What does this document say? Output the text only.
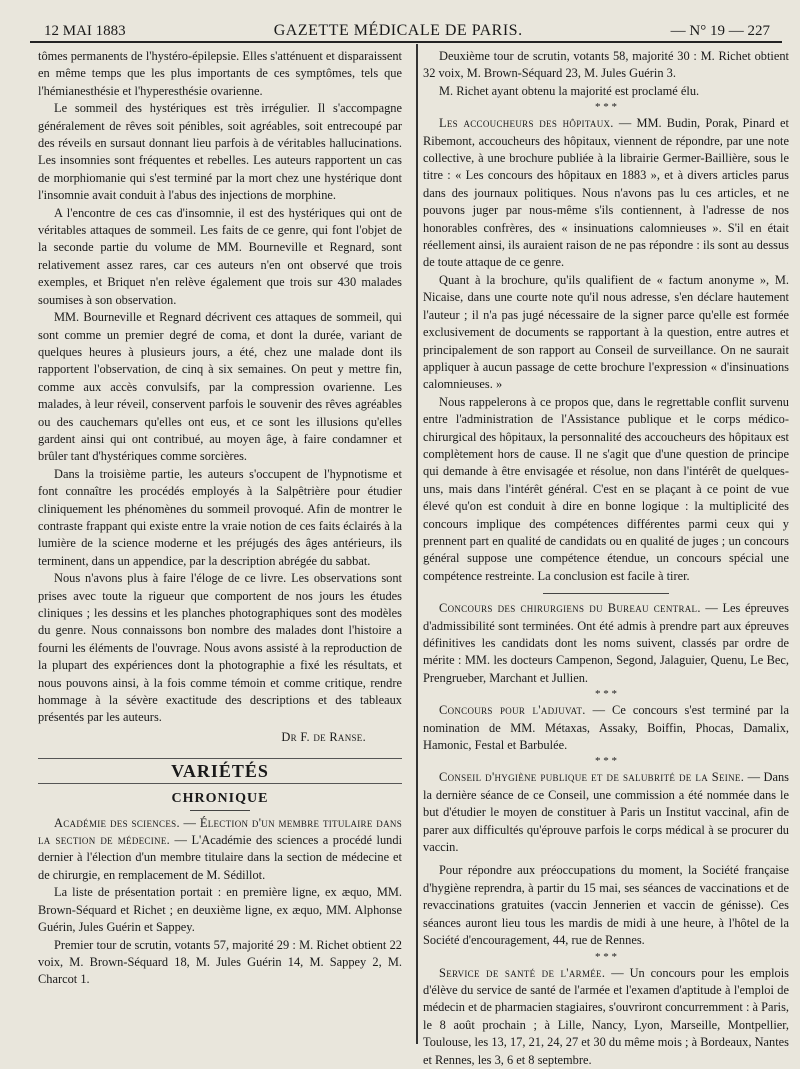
12 MAI 1883	GAZETTE MÉDICALE DE PARIS.	— N° 19 — 227

tômes permanents de l'hystéro-épilepsie. Elles s'atténuent et disparaissent en même temps que les plus importants de ces symptômes, tels que l'hémianesthésie et l'hyperesthésie ovarienne.

Le sommeil des hystériques est très irrégulier. Il s'accompagne généralement de rêves soit pénibles, soit agréables, soit entrecoupé par des réveils en sursaut donnant lieu parfois à de véritables hallucinations. Les insomnies sont fréquentes et rebelles. Les auteurs rapportent un cas de morphiomanie qui s'est terminé par la mort chez une hystérique dont l'insomnie avait conduit à l'abus des injections de morphine.

A l'encontre de ces cas d'insomnie, il est des hystériques qui ont de véritables attaques de sommeil. Les faits de ce genre, qui font l'objet de la seconde partie du volume de MM. Bourneville et Regnard, sont relativement assez rares, car ces auteurs n'en ont observé que trois exemples, et Briquet n'en relève également que trois sur 430 malades soumises à son observation.

MM. Bourneville et Regnard décrivent ces attaques de sommeil, qui sont comme un premier degré de coma, et dont la durée, variant de quelques heures à plusieurs jours, a été, chez une malade dont ils rapportent l'observation, de cinq à six semaines. On peut y mettre fin, comme aux accès convulsifs, par la compression ovarienne. Les malades, à leur réveil, conservent parfois le souvenir des rêves agréables ou des cauchemars qu'elles ont eus, et ce sont les illusions qu'elles gardent ainsi qui ont contribué, au moyen âge, à faire condamner et brûler tant d'hystériques comme sorcières.

Dans la troisième partie, les auteurs s'occupent de l'hypnotisme et font connaître les procédés employés à la Salpêtrière pour étudier cliniquement les phénomènes du sommeil provoqué. Afin de montrer le contraste frappant qui existe entre la vraie notion de ces faits éclairés à la lumière de la science moderne et les préjugés des âges antérieurs, ils terminent, dans un appendice, par la description abrégée du sabbat.

Nous n'avons plus à faire l'éloge de ce livre. Les observations sont prises avec toute la rigueur que comportent de nos jours les études cliniques ; les dessins et les planches photographiques sont des modèles du genre. Nous connaissons bon nombre des malades dont l'histoire a fourni les éléments de l'ouvrage. Nous avons assisté à la reproduction de la plupart des expériences dont la photographie a fixé les résultats, et nous pouvons ainsi, à la fois comme témoin et comme critique, rendre hommage à la sévère exactitude des descriptions et des tableaux présentés par les auteurs.

Dr F. de Ranse.
VARIÉTÉS
CHRONIQUE

Académie des sciences. — Élection d'un membre titulaire dans la section de médecine. — L'Académie des sciences a procédé lundi dernier à l'élection d'un membre titulaire dans la section de médecine et de chirurgie, en remplacement de M. Sédillot.

La liste de présentation portait : en première ligne, ex æquo, MM. Brown-Séquard et Richet ; en deuxième ligne, ex æquo, MM. Alphonse Guérin, Jules Guérin et Sappey.

Premier tour de scrutin, votants 57, majorité 29 : M. Richet obtient 22 voix, M. Brown-Séquard 18, M. Jules Guérin 14, M. Sappey 2, M. Charcot 1.

Deuxième tour de scrutin, votants 58, majorité 30 : M. Richet obtient 32 voix, M. Brown-Séquard 23, M. Jules Guérin 3.

M. Richet ayant obtenu la majorité est proclamé élu.

* * *

Les accoucheurs des hôpitaux. — MM. Budin, Porak, Pinard et Ribemont, accoucheurs des hôpitaux, viennent de répondre, par une note collective, à une brochure publiée à la librairie Germer-Baillière, sous le titre : « Les concours des hôpitaux en 1883 », et à divers articles parus dans des journaux politiques. Nous n'avons pas lu ces articles, et ne pouvons juger par nous-même s'ils contiennent, à l'adresse de nos honorables confrères, des « insinuations calomnieuses ». S'il en était réellement ainsi, ils auraient raison de ne pas répondre : ils sont au dessus de toute attaque de ce genre.

Quant à la brochure, qu'ils qualifient de « factum anonyme », M. Nicaise, dans une courte note qu'il nous adresse, s'en déclare hautement l'auteur ; il n'a pas jugé nécessaire de la signer parce qu'elle est formée exclusivement de documents se rapportant à la question, entre autres et principalement de son rapport au Conseil de surveillance. On ne saurait appliquer à aucun passage de cette brochure l'expression « d'insinuations calomnieuses. »

Nous rappelerons à ce propos que, dans le regrettable conflit survenu entre l'administration de l'Assistance publique et le corps médico-chirurgical des hôpitaux, la personnalité des accoucheurs des hôpitaux est complètement hors de cause. Il ne s'agit que d'une question de principe qui demande à être envisagée et résolue, non dans l'intérêt de quelques-uns, mais dans l'intérêt général. C'est en se plaçant à ce point de vue élevé qu'on est conduit à dire en bonne logique : la multiplicité des concours implique des compétences différentes parmi ceux qui y prennent part en qualité de candidats ou en qualité de juges ; un concours général suppose une compétence étendue, un concours spécial une compétence restreinte. La conclusion est facile à tirer.

Concours des chirurgiens du Bureau central. — Les épreuves d'admissibilité sont terminées. Ont été admis à prendre part aux épreuves définitives les candidats dont les noms suivent, classés par ordre de mérite : MM. les docteurs Campenon, Segond, Jalaguier, Quenu, Le Bec, Prengrueber, Marchant et Jullien.

* * *

Concours pour l'adjuvat. — Ce concours s'est terminé par la nomination de MM. Métaxas, Assaky, Boiffin, Phocas, Damalix, Hamonic, Festal et Barbulée.

* * *

Conseil d'hygiène publique et de salubrité de la Seine. — Dans la dernière séance de ce Conseil, une commission a été nommée dans le but d'étudier le moyen de constituer à Paris un Institut vaccinal, afin de parer aux difficultés qu'éprouve parfois le corps médical à se procurer du vaccin.

Pour répondre aux préoccupations du moment, la Société française d'hygiène reprendra, à partir du 15 mai, ses séances de vaccinations et de revaccinations gratuites (vaccin Jennerien et vaccin de génisse). Ces séances auront lieu tous les mardis de midi à une heure, à l'hôtel de la Société d'encouragement, 44, rue de Rennes.

* * *

Service de santé de l'armée. — Un concours pour les emplois d'élève du service de santé de l'armée et l'examen d'aptitude à l'emploi de médecin et de pharmacien stagiaires, s'ouvriront concurremment : à Paris, le 8 août prochain ; à Lille, Nancy, Lyon, Marseille, Montpellier, Toulouse, les 13, 17, 21, 24, 27 et 30 du même mois ; à Bordeaux, Nantes et Rennes, les 3, 6 et 8 septembre.
